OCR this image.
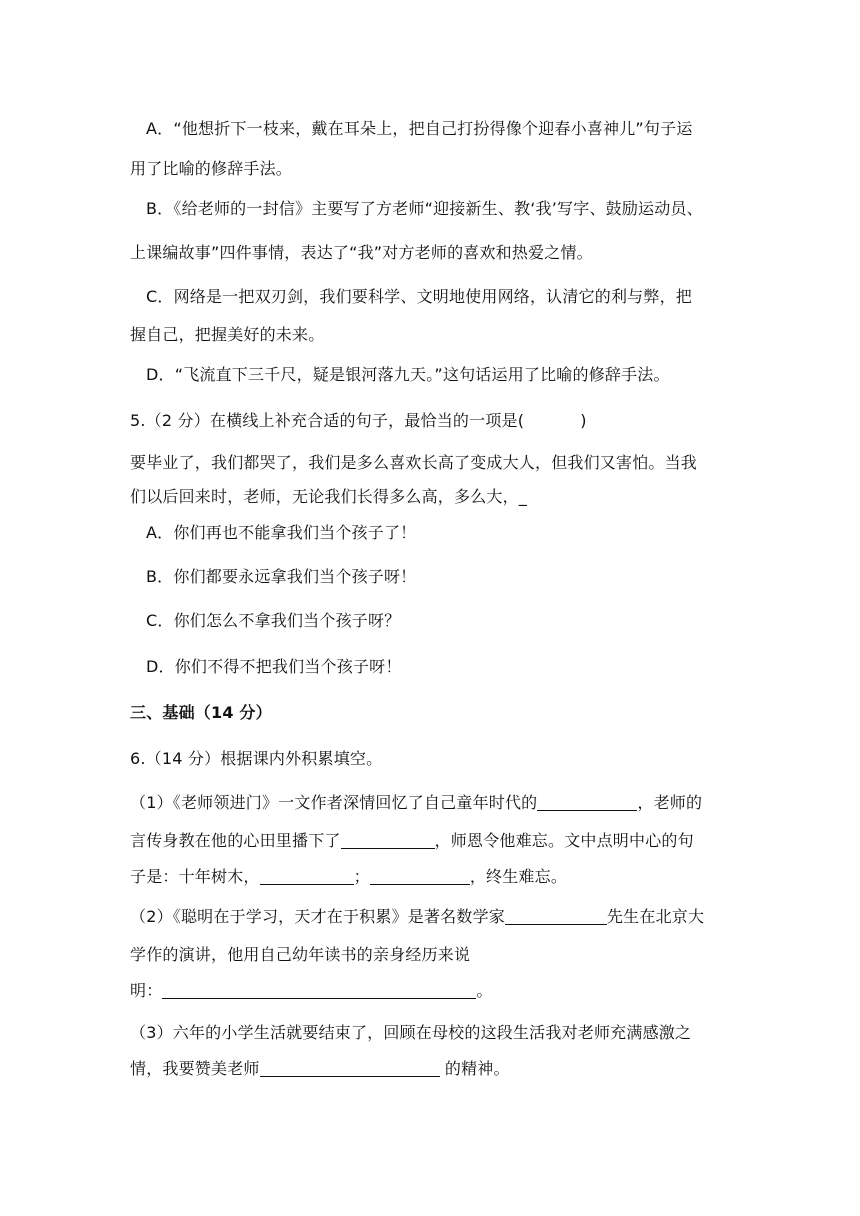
A．“他想折下一枝来，戴在耳朵上，把自己打扮得像个迎春小喜神儿”句子运
用了比喻的修辞手法。
B．《给老师的一封信》主要写了方老师“迎接新生、教‘我’写字、鼓励运动员、
上课编故事”四件事情，表达了“我”对方老师的喜欢和热爱之情。
C．网络是一把双刃剑，我们要科学、文明地使用网络，认清它的利与弊，把
握自己，把握美好的未来。
D．“飞流直下三千尺，疑是银河落九天。”这句话运用了比喻的修辞手法。
5.（2 分）在横线上补充合适的句子，最恰当的一项是(	)
要毕业了，我们都哭了，我们是多么喜欢长高了变成大人，但我们又害怕。当我
们以后回来时，老师，无论我们长得多么高，多么大，_
A．你们再也不能拿我们当个孩子了！
B．你们都要永远拿我们当个孩子呀！
C．你们怎么不拿我们当个孩子呀？
D．你们不得不把我们当个孩子呀！
三、基础（14 分）
6.（14 分）根据课内外积累填空。
（1）《老师领进门》一文作者深情回忆了自己童年时代的	，老师的
言传身教在他的心田里播下了	，师恩令他难忘。文中点明中心的句
子是：十年树木，	；	，终生难忘。
（2）《聪明在于学习，天才在于积累》是著名数学家	先生在北京大
学作的演讲，他用自己幼年读书的亲身经历来说
明：	。
（3）六年的小学生活就要结束了，回顾在母校的这段生活我对老师充满感激之
情，我要赞美老师	的精神。
